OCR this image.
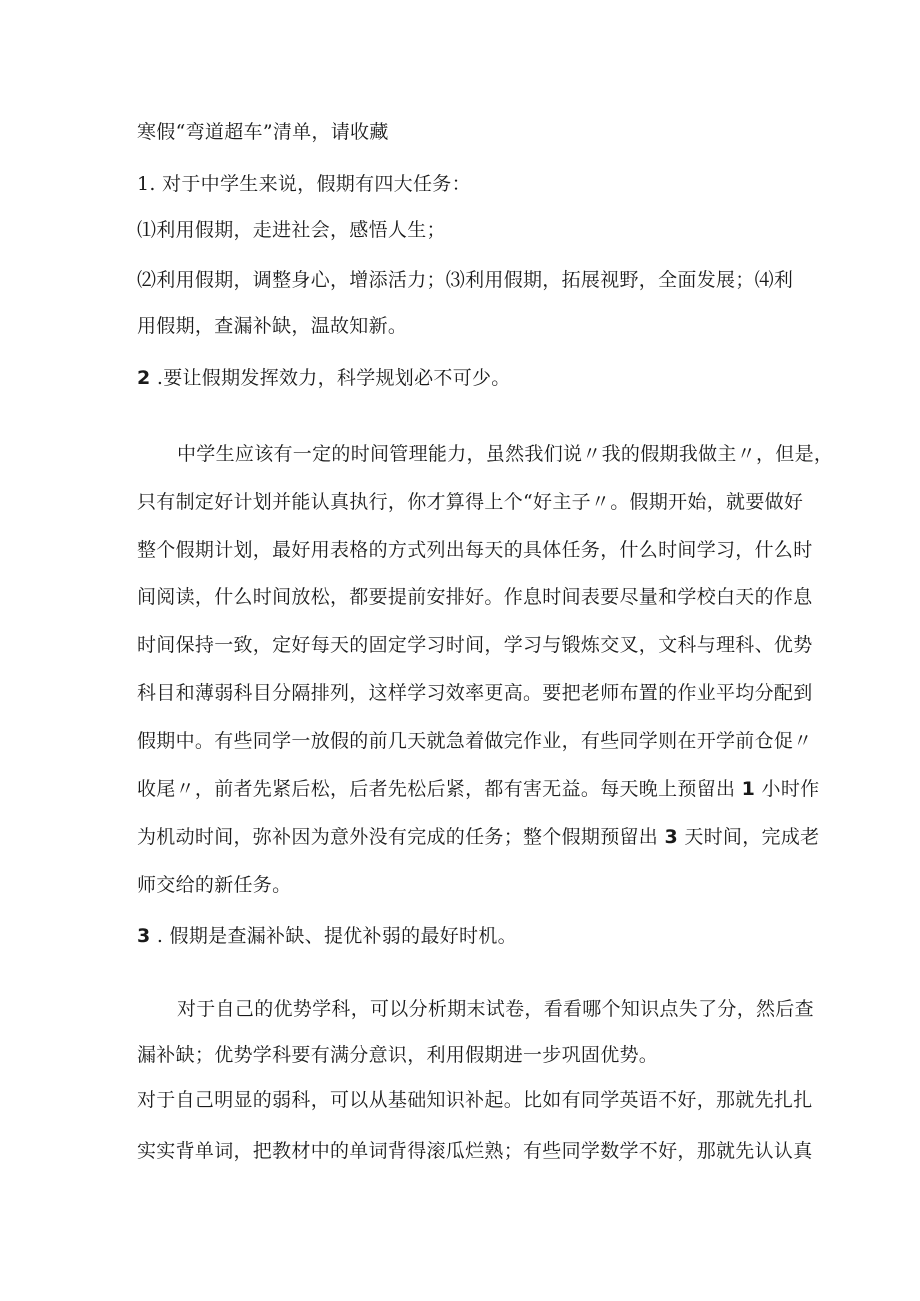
寒假“弯道超车”清单，请收藏
1. 对于中学生来说，假期有四大任务：
⑴利用假期，走进社会，感悟人生；
⑵利用假期，调整身心，增添活力；⑶利用假期，拓展视野，全面发展；⑷利
用假期，查漏补缺，温故知新。
2 .要让假期发挥效力，科学规划必不可少。
中学生应该有一定的时间管理能力，虽然我们说〃我的假期我做主〃，但是，
只有制定好计划并能认真执行，你才算得上个“好主子〃。假期开始，就要做好
整个假期计划，最好用表格的方式列出每天的具体任务，什么时间学习，什么时
间阅读，什么时间放松，都要提前安排好。作息时间表要尽量和学校白天的作息
时间保持一致，定好每天的固定学习时间，学习与锻炼交叉，文科与理科、优势
科目和薄弱科目分隔排列，这样学习效率更高。要把老师布置的作业平均分配到
假期中。有些同学一放假的前几天就急着做完作业，有些同学则在开学前仓促〃
收尾〃，前者先紧后松，后者先松后紧，都有害无益。每天晚上预留出 1 小时作
为机动时间，弥补因为意外没有完成的任务；整个假期预留出 3 天时间，完成老
师交给的新任务。
3 . 假期是查漏补缺、提优补弱的最好时机。
对于自己的优势学科，可以分析期末试卷，看看哪个知识点失了分，然后查
漏补缺；优势学科要有满分意识，利用假期进一步巩固优势。
对于自己明显的弱科，可以从基础知识补起。比如有同学英语不好，那就先扎扎
实实背单词，把教材中的单词背得滚瓜烂熟；有些同学数学不好，那就先认认真
